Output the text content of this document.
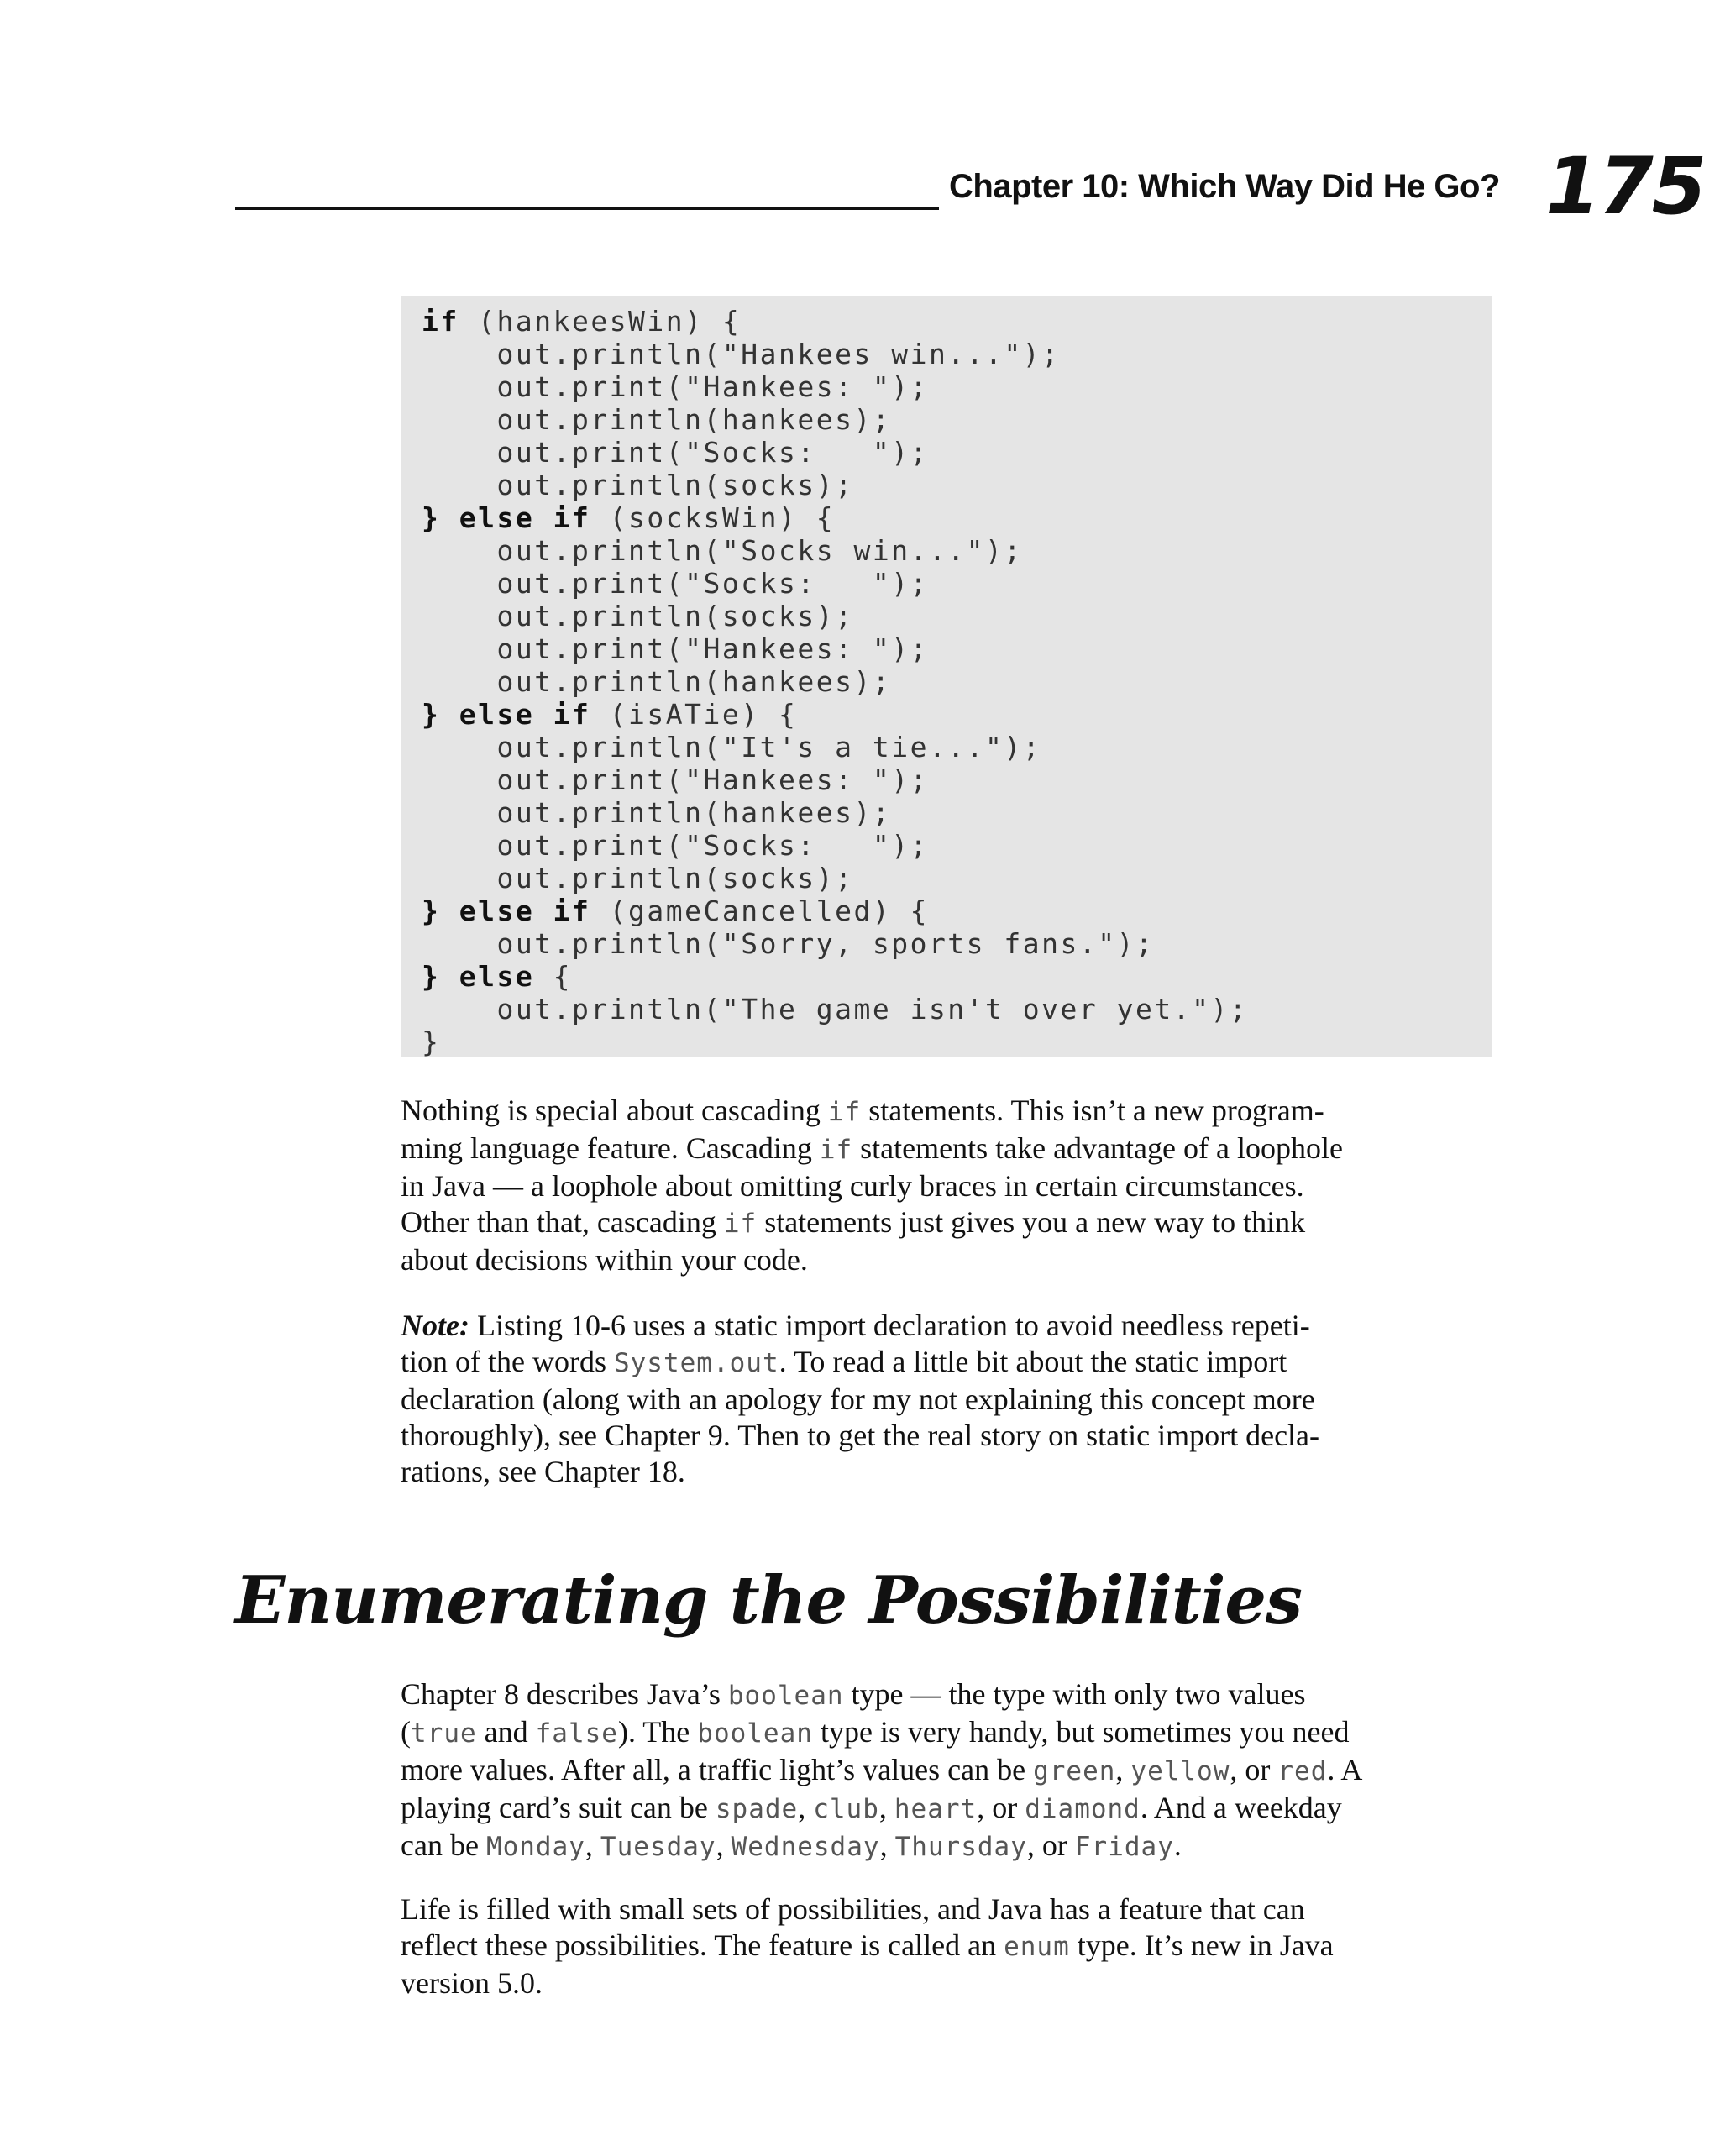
Chapter 10: Which Way Did He Go? 175
if (hankeesWin) {
out.println("Hankees win...");
out.print("Hankees: ");
out.println(hankees);
out.print("Socks:   ");
out.println(socks);
} else if (socksWin) {
out.println("Socks win...");
out.print("Socks:   ");
out.println(socks);
out.print("Hankees: ");
out.println(hankees);
} else if (isATie) {
out.println("It's a tie...");
out.print("Hankees: ");
out.println(hankees);
out.print("Socks:   ");
out.println(socks);
} else if (gameCancelled) {
out.println("Sorry, sports fans.");
} else {
out.println("The game isn't over yet.");
}
Nothing is special about cascading if statements. This isn’t a new program-
ming language feature. Cascading if statements take advantage of a loophole
in Java — a loophole about omitting curly braces in certain circumstances.
Other than that, cascading if statements just gives you a new way to think
about decisions within your code.
Note: Listing 10-6 uses a static import declaration to avoid needless repeti-
tion of the words System.out. To read a little bit about the static import
declaration (along with an apology for my not explaining this concept more
thoroughly), see Chapter 9. Then to get the real story on static import decla-
rations, see Chapter 18.
Enumerating the Possibilities
Chapter 8 describes Java’s boolean type — the type with only two values
(true and false). The boolean type is very handy, but sometimes you need
more values. After all, a traffic light’s values can be green, yellow, or red. A
playing card’s suit can be spade, club, heart, or diamond. And a weekday
can be Monday, Tuesday, Wednesday, Thursday, or Friday.
Life is filled with small sets of possibilities, and Java has a feature that can
reflect these possibilities. The feature is called an enum type. It’s new in Java
version 5.0.
